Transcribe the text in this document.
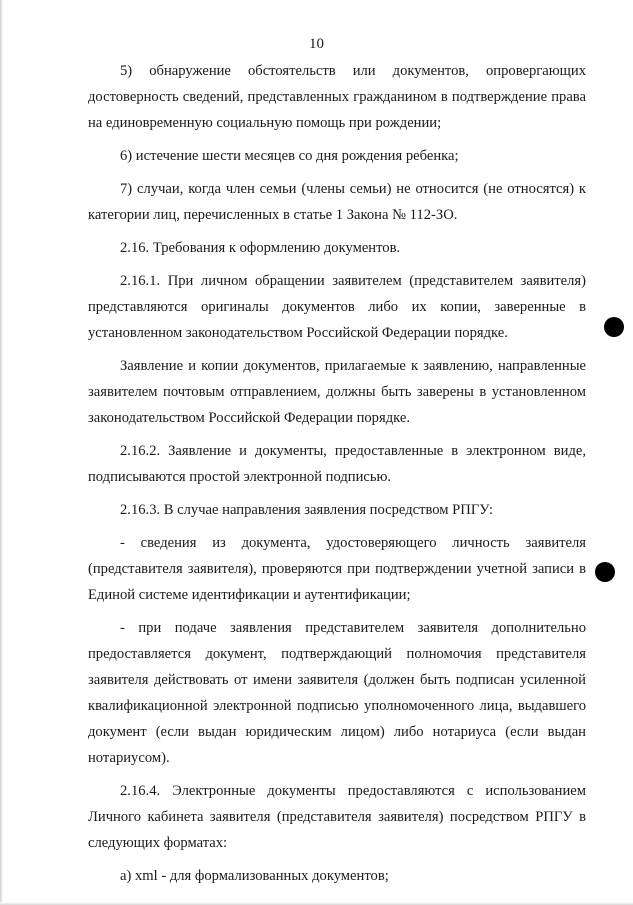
10

5) обнаружение обстоятельств или документов, опровергающих достоверность сведений, представленных гражданином в подтверждение права на единовременную социальную помощь при рождении;

6) истечение шести месяцев со дня рождения ребенка;

7) случаи, когда член семьи (члены семьи) не относится (не относятся) к категории лиц, перечисленных в статье 1 Закона № 112-ЗО.

2.16. Требования к оформлению документов.

2.16.1. При личном обращении заявителем (представителем заявителя) представляются оригиналы документов либо их копии, заверенные в установленном законодательством Российской Федерации порядке.

Заявление и копии документов, прилагаемые к заявлению, направленные заявителем почтовым отправлением, должны быть заверены в установленном законодательством Российской Федерации порядке.

2.16.2. Заявление и документы, предоставленные в электронном виде, подписываются простой электронной подписью.

2.16.3. В случае направления заявления посредством РПГУ:

- сведения из документа, удостоверяющего личность заявителя (представителя заявителя), проверяются при подтверждении учетной записи в Единой системе идентификации и аутентификации;

- при подаче заявления представителем заявителя дополнительно предоставляется документ, подтверждающий полномочия представителя заявителя действовать от имени заявителя (должен быть подписан усиленной квалификационной электронной подписью уполномоченного лица, выдавшего документ (если выдан юридическим лицом) либо нотариуса (если выдан нотариусом).

2.16.4. Электронные документы предоставляются с использованием Личного кабинета заявителя (представителя заявителя) посредством РПГУ в следующих форматах:

а) xml - для формализованных документов;
